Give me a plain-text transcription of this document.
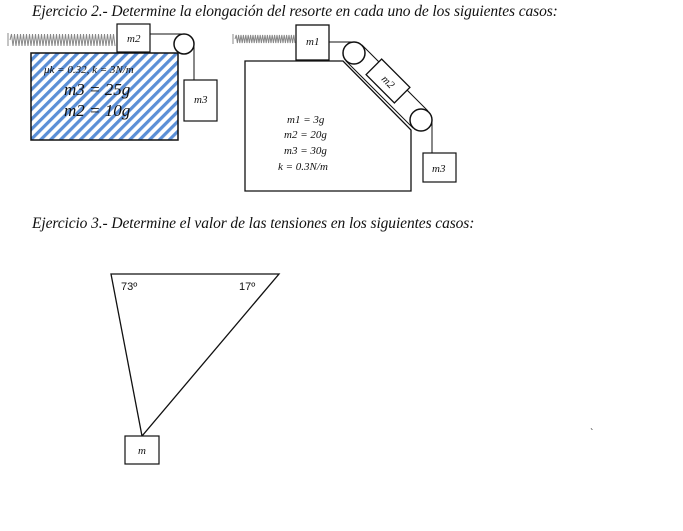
Ejercicio 2.- Determine la elongación del resorte en cada uno de los siguientes casos:
Ejercicio 3.- Determine el valor de las tensiones en los siguientes casos:
m2
m3
μk = 0.32, k = 3N/m
m3 = 25g
m2 = 10g
m1
m2
m3
m1 = 3g
m2 = 20g
m3 = 30g
k = 0.3N/m
73º	17º
m
`
